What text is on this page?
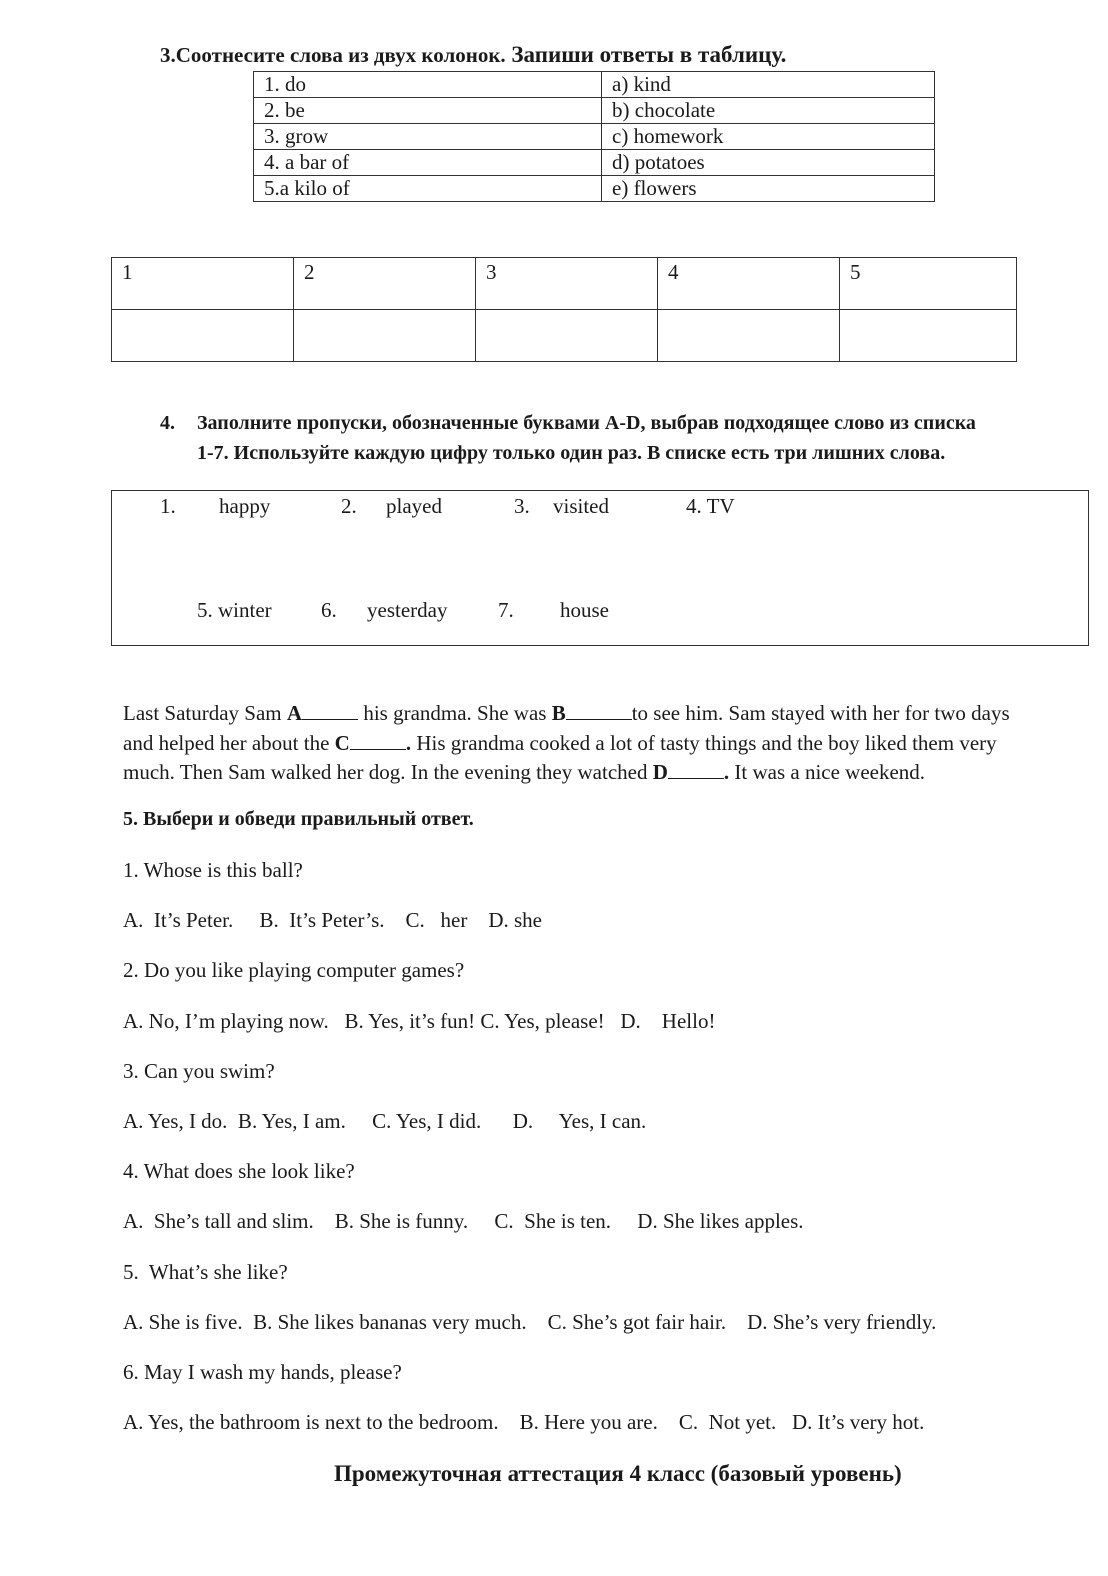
3.Соотнесите слова из двух колонок. Запиши ответы в таблицу.
1. do	a) kind
2. be	b) chocolate
3. grow	c) homework
4. a bar of	d) potatoes
5.a kilo of	e) flowers
1	2	3	4	5

4. Заполните пропуски, обозначенные буквами A-D, выбрав подходящее слово из списка
1-7. Используйте каждую цифру только один раз. В списке есть три лишних слова.
1. happy	2. played	3. visited	4. TV
5. winter 6. yesterday 7. house
Last Saturday Sam A	his grandma. She was B	to see him. Sam stayed with her for two days
and helped her about the C	. His grandma cooked a lot of tasty things and the boy liked them very
much. Then Sam walked her dog. In the evening they watched D	. It was a nice weekend.
5. Выбери и обведи правильный ответ.
1. Whose is this ball?
A.  It’s Peter.     B.  It’s Peter’s.    C.   her    D. she
2. Do you like playing computer games?
A. No, I’m playing now.   B. Yes, it’s fun! C. Yes, please!   D.    Hello!
3. Can you swim?
A. Yes, I do.  B. Yes, I am.     C. Yes, I did.      D.     Yes, I can.
4. What does she look like?
A.  She’s tall and slim.    B. She is funny.     C.  She is ten.     D. She likes apples.
5.  What’s she like?
A. She is five.  B. She likes bananas very much.    C. She’s got fair hair.    D. She’s very friendly.
6. May I wash my hands, please?
A. Yes, the bathroom is next to the bedroom.    B. Here you are.    C.  Not yet.   D. It’s very hot.
Промежуточная аттестация 4 класс (базовый уровень)
